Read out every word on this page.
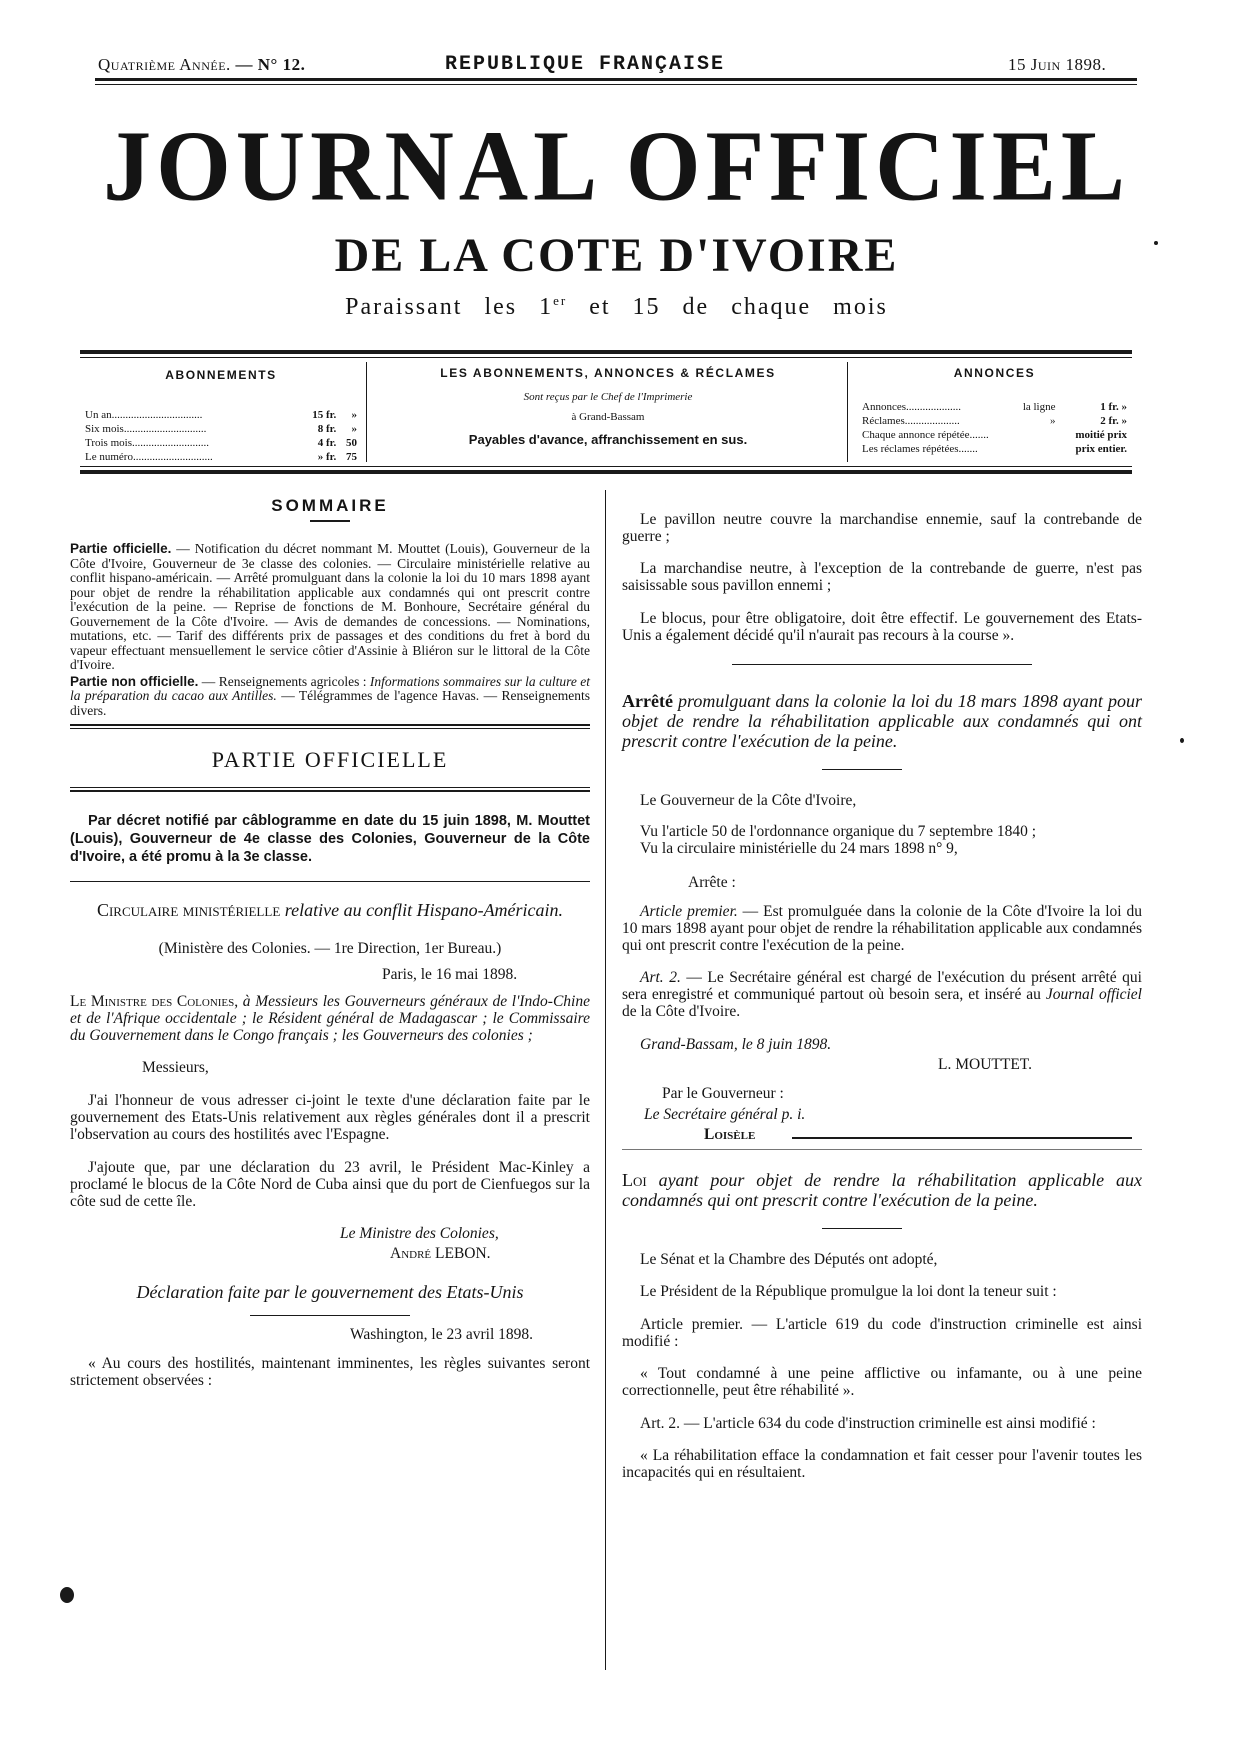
Quatrième Année. — N° 12.	REPUBLIQUE FRANÇAISE	15 Juin 1898.
JOURNAL OFFICIEL
DE LA COTE D'IVOIRE
Paraissant les 1er et 15 de chaque mois
ABONNEMENTS
Un an.................................	15 fr. »
Six mois..............................	8 fr. »
Trois mois............................	4 fr. 50
Le numéro.............................	» fr. 75
LES ABONNEMENTS, ANNONCES & RÉCLAMES
Sont reçus par le Chef de l'Imprimerie
à Grand-Bassam
Payables d'avance, affranchissement en sus.
ANNONCES
Annonces....................	la ligne	1 fr. »
Réclames....................	»	2 fr. »
Chaque annonce répétée.......	moitié prix
Les réclames répétées.......	prix entier.
SOMMAIRE

Partie officielle. — Notification du décret nommant M. Mouttet (Louis), Gouverneur de la Côte d'Ivoire, Gouverneur de 3e classe des colonies. — Circulaire ministérielle relative au conflit hispano-américain. — Arrêté promulguant dans la colonie la loi du 10 mars 1898 ayant pour objet de rendre la réhabilitation applicable aux condamnés qui ont prescrit contre l'exécution de la peine. — Reprise de fonctions de M. Bonhoure, Secrétaire général du Gouvernement de la Côte d'Ivoire. — Avis de demandes de concessions. — Nominations, mutations, etc. — Tarif des différents prix de passages et des conditions du fret à bord du vapeur effectuant mensuellement le service côtier d'Assinie à Bliéron sur le littoral de la Côte d'Ivoire.

Partie non officielle. — Renseignements agricoles : Informations sommaires sur la culture et la préparation du cacao aux Antilles. — Télégrammes de l'agence Havas. — Renseignements divers.

PARTIE OFFICIELLE

Par décret notifié par câblogramme en date du 15 juin 1898, M. Mouttet (Louis), Gouverneur de 4e classe des Colonies, Gouverneur de la Côte d'Ivoire, a été promu à la 3e classe.

Circulaire ministérielle relative au conflit Hispano-Américain.
(Ministère des Colonies. — 1re Direction, 1er Bureau.)
Paris, le 16 mai 1898.

Le Ministre des Colonies, à Messieurs les Gouverneurs généraux de l'Indo-Chine et de l'Afrique occidentale ; le Résident général de Madagascar ; le Commissaire du Gouvernement dans le Congo français ; les Gouverneurs des colonies ;

Messieurs,

J'ai l'honneur de vous adresser ci-joint le texte d'une déclaration faite par le gouvernement des Etats-Unis relativement aux règles générales dont il a prescrit l'observation au cours des hostilités avec l'Espagne.

J'ajoute que, par une déclaration du 23 avril, le Président Mac-Kinley a proclamé le blocus de la Côte Nord de Cuba ainsi que du port de Cienfuegos sur la côte sud de cette île.

Le Ministre des Colonies,
André LEBON.
Déclaration faite par le gouvernement des Etats-Unis
Washington, le 23 avril 1898.

« Au cours des hostilités, maintenant imminentes, les règles suivantes seront strictement observées :

Le pavillon neutre couvre la marchandise ennemie, sauf la contrebande de guerre ;

La marchandise neutre, à l'exception de la contrebande de guerre, n'est pas saisissable sous pavillon ennemi ;

Le blocus, pour être obligatoire, doit être effectif. Le gouvernement des Etats-Unis a également décidé qu'il n'aurait pas recours à la course ».

Arrêté promulguant dans la colonie la loi du 18 mars 1898 ayant pour objet de rendre la réhabilitation applicable aux condamnés qui ont prescrit contre l'exécution de la peine.

Le Gouverneur de la Côte d'Ivoire,
Vu l'article 50 de l'ordonnance organique du 7 septembre 1840 ;
Vu la circulaire ministérielle du 24 mars 1898 n° 9,
Arrête :

Article premier. — Est promulguée dans la colonie de la Côte d'Ivoire la loi du 10 mars 1898 ayant pour objet de rendre la réhabilitation applicable aux condamnés qui ont prescrit contre l'exécution de la peine.

Art. 2. — Le Secrétaire général est chargé de l'exécution du présent arrêté qui sera enregistré et communiqué partout où besoin sera, et inséré au Journal officiel de la Côte d'Ivoire.

Grand-Bassam, le 8 juin 1898.
L. MOUTTET.
Par le Gouverneur :
Le Secrétaire général p. i.
Loisèle

Loi ayant pour objet de rendre la réhabilitation applicable aux condamnés qui ont prescrit contre l'exécution de la peine.

Le Sénat et la Chambre des Députés ont adopté,

Le Président de la République promulgue la loi dont la teneur suit :

Article premier. — L'article 619 du code d'instruction criminelle est ainsi modifié :

« Tout condamné à une peine afflictive ou infamante, ou à une peine correctionnelle, peut être réhabilité ».

Art. 2. — L'article 634 du code d'instruction criminelle est ainsi modifié :

« La réhabilitation efface la condamnation et fait cesser pour l'avenir toutes les incapacités qui en résultaient.
